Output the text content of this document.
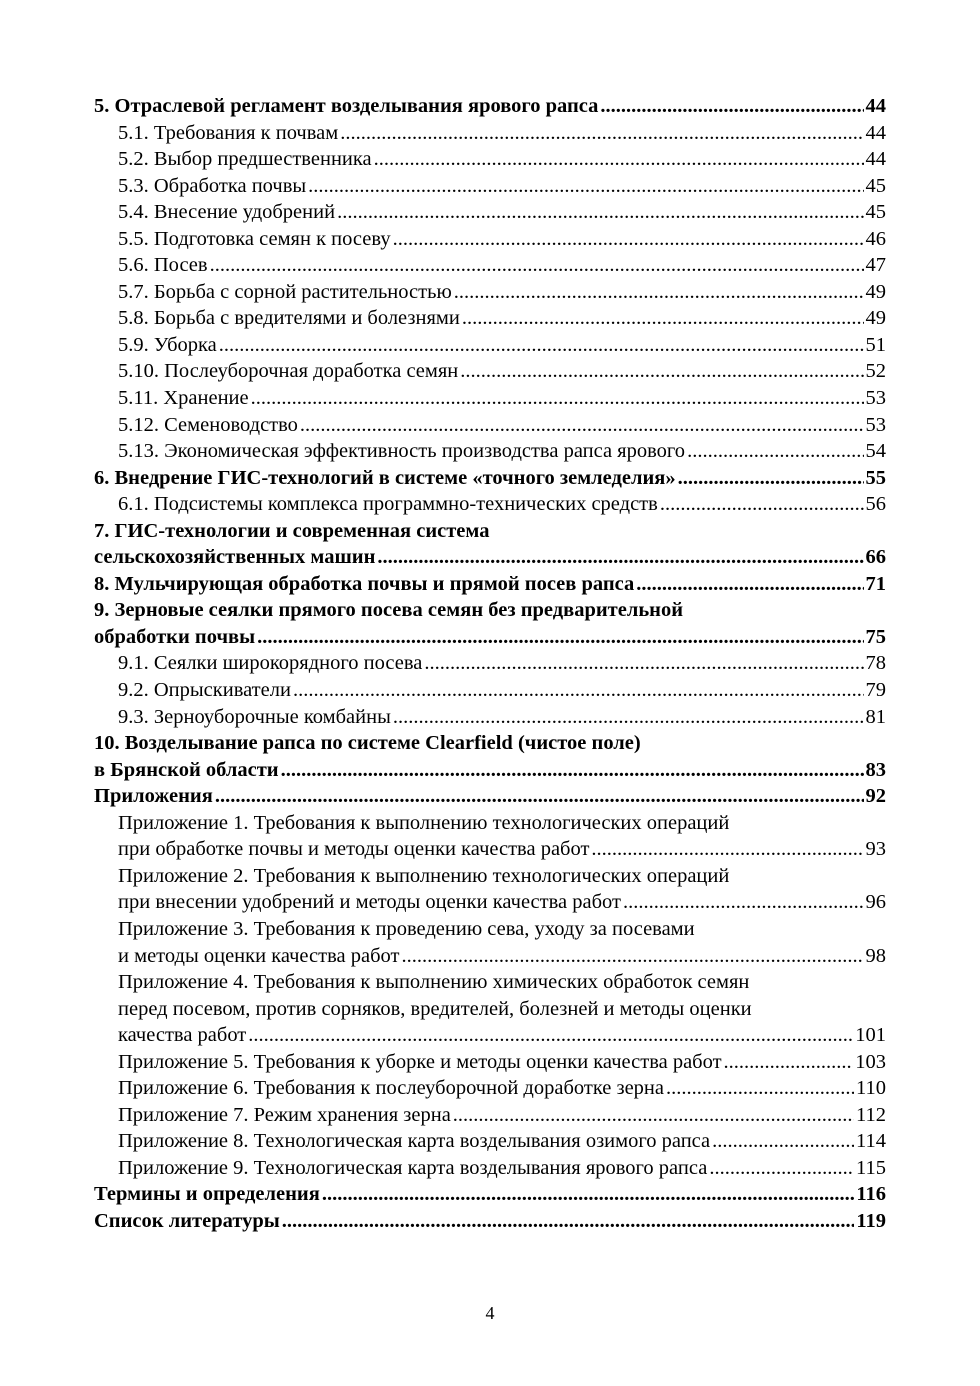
5. Отраслевой регламент возделывания ярового рапса .....	44
5.1. Требования к почвам .....	44
5.2. Выбор предшественника .....	44
5.3. Обработка почвы .....	45
5.4. Внесение удобрений .....	45
5.5. Подготовка семян к посеву .....	46
5.6. Посев .....	47
5.7. Борьба с сорной растительностью .....	49
5.8. Борьба с вредителями и болезнями .....	49
5.9. Уборка .....	51
5.10. Послеуборочная доработка семян .....	52
5.11. Хранение .....	53
5.12. Семеноводство .....	53
5.13. Экономическая эффективность производства рапса ярового .....	54
6. Внедрение ГИС-технологий в системе «точного земледелия» .....	55
6.1. Подсистемы комплекса программно-технических средств .....	56
7. ГИС-технологии и современная система
сельскохозяйственных машин .....	66
8. Мульчирующая обработка почвы и прямой посев рапса .....	71
9. Зерновые сеялки прямого посева семян без предварительной
обработки почвы .....	75
9.1. Сеялки широкорядного посева .....	78
9.2. Опрыскиватели .....	79
9.3. Зерноуборочные комбайны .....	81
10. Возделывание рапса по системе Clearfield (чистое поле)
в Брянской области .....	83
Приложения .....	92
Приложение 1. Требования к выполнению технологических операций
при обработке почвы и методы оценки качества работ .....	93
Приложение 2. Требования к выполнению технологических операций
при внесении удобрений и методы оценки качества работ .....	96
Приложение 3. Требования к проведению сева, уходу за посевами
и методы оценки качества работ .....	98
Приложение 4. Требования к выполнению химических обработок семян
перед посевом, против сорняков, вредителей, болезней и методы оценки
качества работ .....	101
Приложение 5. Требования к уборке и методы оценки качества работ .....	103
Приложение 6. Требования к послеуборочной доработке зерна .....	110
Приложение 7. Режим хранения зерна .....	112
Приложение 8. Технологическая карта возделывания озимого рапса .....	114
Приложение 9. Технологическая карта возделывания ярового рапса .....	115
Термины и определения .....	116
Список литературы .....	119
4
